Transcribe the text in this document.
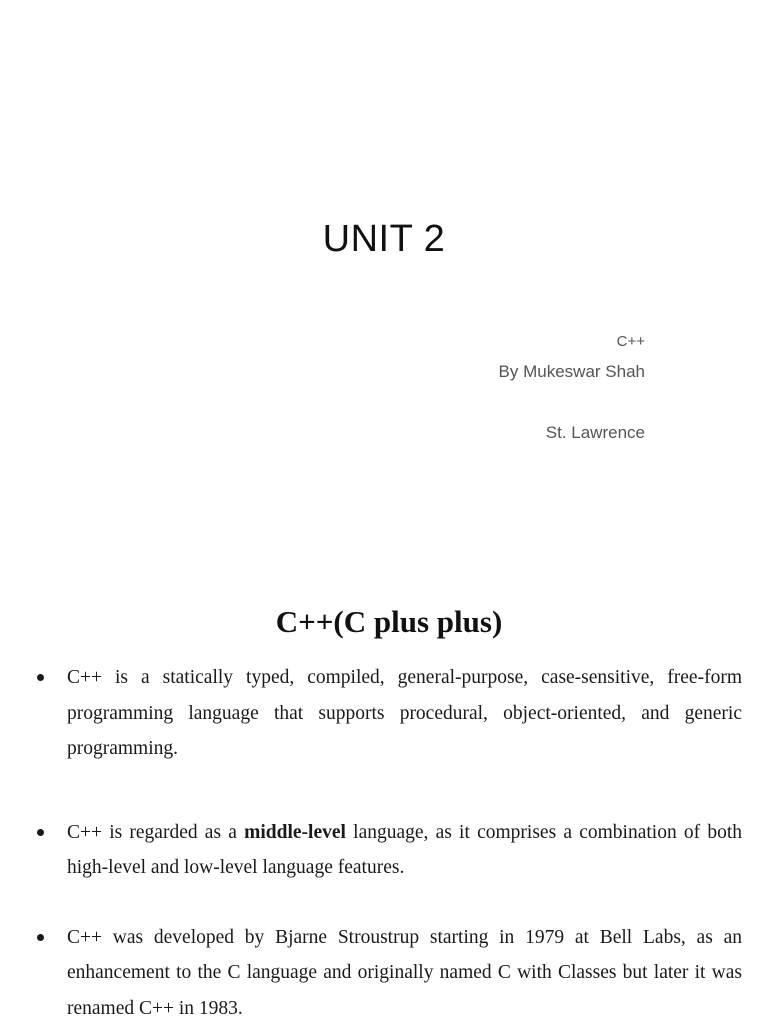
UNIT 2
C++
By Mukeswar Shah
St. Lawrence
C++(C plus plus)
C++ is a statically typed, compiled, general-purpose, case-sensitive, free-form programming language that supports procedural, object-oriented, and generic programming.
C++ is regarded as a middle-level language, as it comprises a combination of both high-level and low-level language features.
C++ was developed by Bjarne Stroustrup starting in 1979 at Bell Labs, as an enhancement to the C language and originally named C with Classes but later it was renamed C++ in 1983.
